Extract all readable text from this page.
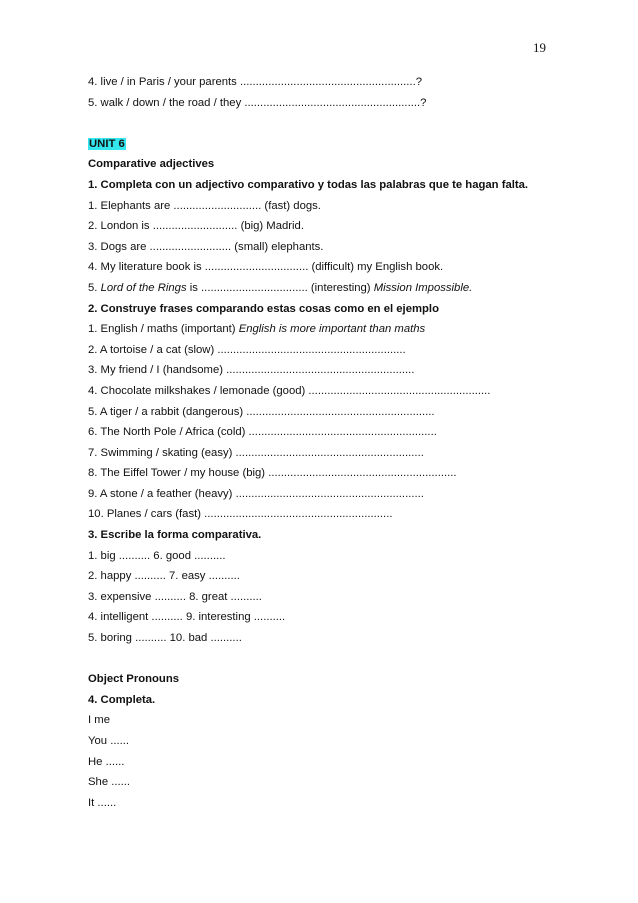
19
4. live / in Paris / your parents ........................................................?
5. walk / down / the road / they ........................................................?
UNIT 6
Comparative adjectives
1. Completa con un adjectivo comparativo y todas las palabras que te hagan falta.
1. Elephants are ............................ (fast) dogs.
2. London is ........................... (big) Madrid.
3. Dogs are .......................... (small) elephants.
4. My literature book is ................................. (difficult) my English book.
5. Lord of the Rings is .................................. (interesting) Mission Impossible.
2. Construye frases comparando estas cosas como en el ejemplo
1. English / maths (important) English is more important than maths
2. A tortoise / a cat (slow) ............................................................
3. My friend / I (handsome) ............................................................
4. Chocolate milkshakes / lemonade (good) ..........................................................
5. A tiger / a rabbit (dangerous) ............................................................
6. The North Pole / Africa (cold) ............................................................
7. Swimming / skating (easy) ............................................................
8. The Eiffel Tower / my house (big) ............................................................
9. A stone / a feather (heavy) ............................................................
10. Planes / cars (fast) ............................................................
3. Escribe la forma comparativa.
1. big .......... 6. good ..........
2. happy .......... 7. easy ..........
3. expensive .......... 8. great ..........
4. intelligent .......... 9. interesting ..........
5. boring .......... 10. bad ..........
Object Pronouns
4. Completa.
I me
You ......
He ......
She ......
It ......
